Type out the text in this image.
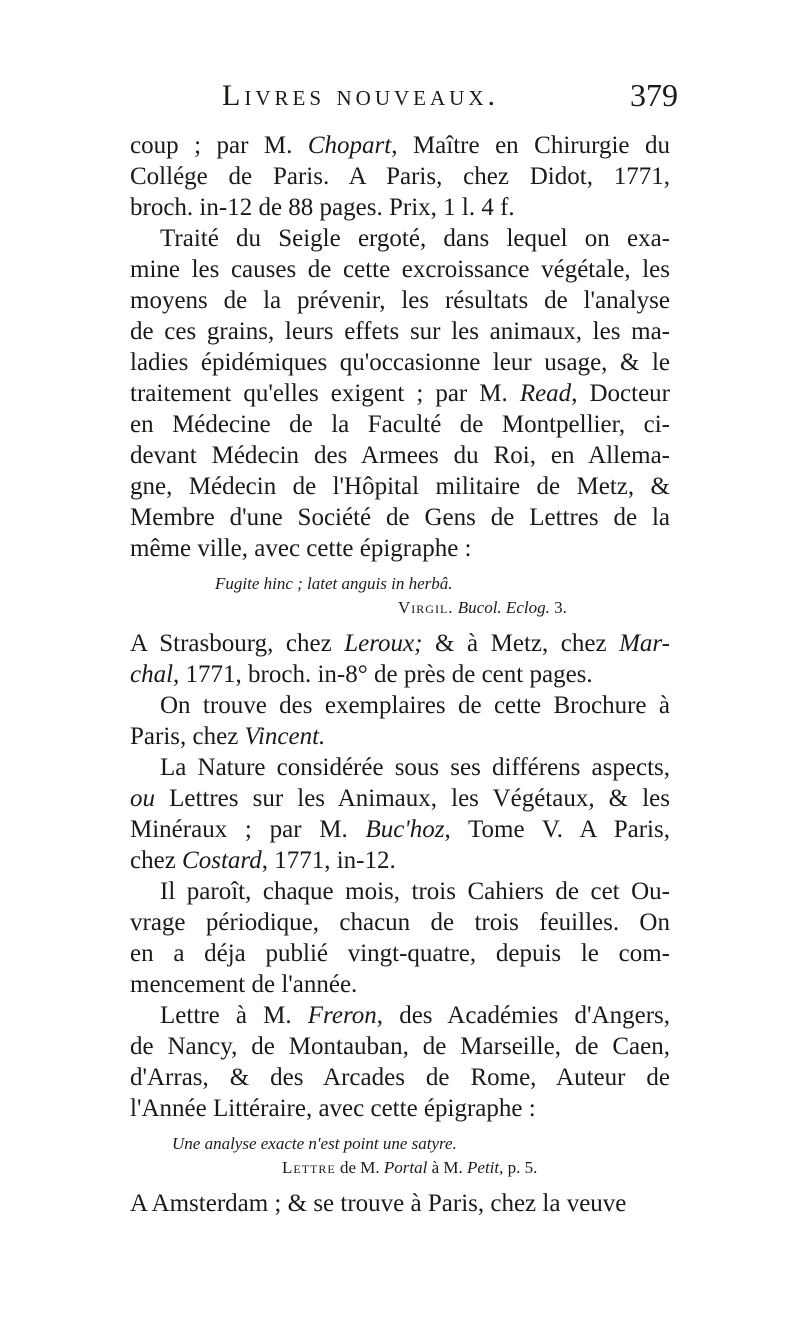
Livres nouveaux.	379
coup ; par M. Chopart, Maître en Chirurgie du
Collége de Paris. A Paris, chez Didot, 1771,
broch. in-12 de 88 pages. Prix, 1 l. 4 f.
Traité du Seigle ergoté, dans lequel on exa-
mine les causes de cette excroissance végétale, les
moyens de la prévenir, les résultats de l'analyse
de ces grains, leurs effets sur les animaux, les ma-
ladies épidémiques qu'occasionne leur usage, & le
traitement qu'elles exigent ; par M. Read, Docteur
en Médecine de la Faculté de Montpellier, ci-
devant Médecin des Armees du Roi, en Allema-
gne, Médecin de l'Hôpital militaire de Metz, &
Membre d'une Société de Gens de Lettres de la
même ville, avec cette épigraphe :
Fugite hinc ; latet anguis in herbâ.
Virgil. Bucol. Eclog. 3.
A Strasbourg, chez Leroux; & à Metz, chez Mar-
chal, 1771, broch. in-8° de près de cent pages.
On trouve des exemplaires de cette Brochure à
Paris, chez Vincent.
La Nature considérée sous ses différens aspects,
ou Lettres sur les Animaux, les Végétaux, & les
Minéraux ; par M. Buc'hoz, Tome V. A Paris,
chez Costard, 1771, in-12.
Il paroît, chaque mois, trois Cahiers de cet Ou-
vrage périodique, chacun de trois feuilles. On
en a déja publié vingt-quatre, depuis le com-
mencement de l'année.
Lettre à M. Freron, des Académies d'Angers,
de Nancy, de Montauban, de Marseille, de Caen,
d'Arras, & des Arcades de Rome, Auteur de
l'Année Littéraire, avec cette épigraphe :
Une analyse exacte n'est point une satyre.
Lettre de M. Portal à M. Petit, p. 5.
A Amsterdam ; & se trouve à Paris, chez la veuve
